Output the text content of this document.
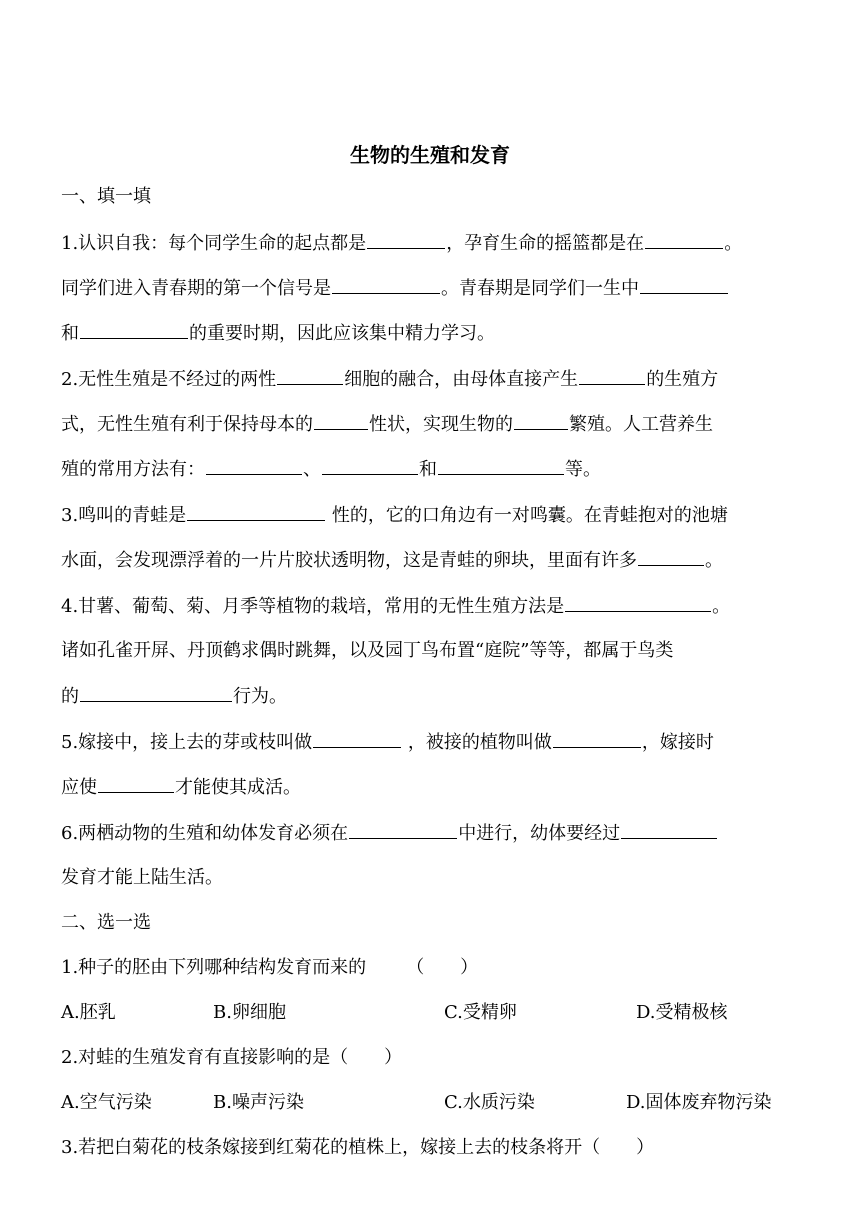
生物的生殖和发育
一、填一填
1.认识自我：每个同学生命的起点都是	，孕育生命的摇篮都是在	。
同学们进入青春期的第一个信号是	。青春期是同学们一生中
和	的重要时期，因此应该集中精力学习。
2.无性生殖是不经过的两性	细胞的融合，由母体直接产生	的生殖方
式，无性生殖有利于保持母本的	性状，实现生物的	繁殖。人工营养生
殖的常用方法有：	、	和	等。
3.鸣叫的青蛙是	性的，它的口角边有一对鸣囊。在青蛙抱对的池塘
水面，会发现漂浮着的一片片胶状透明物，这是青蛙的卵块，里面有许多	。
4.甘薯、葡萄、菊、月季等植物的栽培，常用的无性生殖方法是	。
诸如孔雀开屏、丹顶鹤求偶时跳舞，以及园丁鸟布置“庭院”等等，都属于鸟类
的	行为。
5.嫁接中，接上去的芽或枝叫做	，被接的植物叫做	，嫁接时
应使	才能使其成活。
6.两栖动物的生殖和幼体发育必须在	中进行，幼体要经过
发育才能上陆生活。
二、选一选
1.种子的胚由下列哪种结构发育而来的 （　　）
A.胚乳	B.卵细胞	C.受精卵	D.受精极核
2.对蛙的生殖发育有直接影响的是（　　）
A.空气污染	B.噪声污染	C.水质污染	D.固体废弃物污染
3.若把白菊花的枝条嫁接到红菊花的植株上，嫁接上去的枝条将开（　　）
